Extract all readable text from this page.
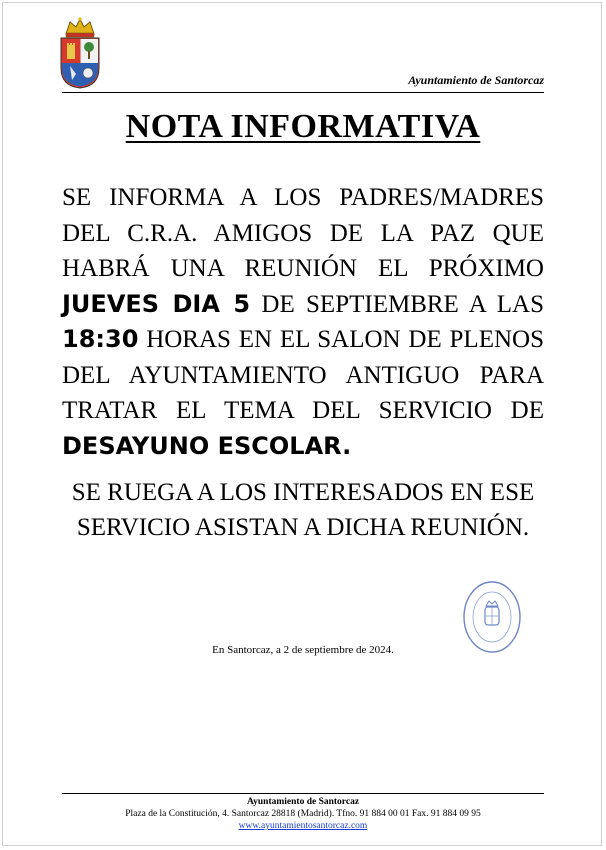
Ayuntamiento de Santorcaz
NOTA INFORMATIVA
SE INFORMA A LOS PADRES/MADRES DEL C.R.A. AMIGOS DE LA PAZ QUE HABRÁ UNA REUNIÓN EL PRÓXIMO JUEVES DIA 5 DE SEPTIEMBRE A LAS 18:30 HORAS EN EL SALON DE PLENOS DEL AYUNTAMIENTO ANTIGUO PARA TRATAR EL TEMA DEL SERVICIO DE DESAYUNO ESCOLAR.
SE RUEGA A LOS INTERESADOS EN ESE SERVICIO ASISTAN A DICHA REUNIÓN.
En Santorcaz, a 2 de septiembre de 2024.
Ayuntamiento de Santorcaz
Plaza de la Constitución, 4. Santorcaz 28818 (Madrid). Tfno. 91 884 00 01 Fax. 91 884 09 95
www.ayuntamientosantorcaz.com
